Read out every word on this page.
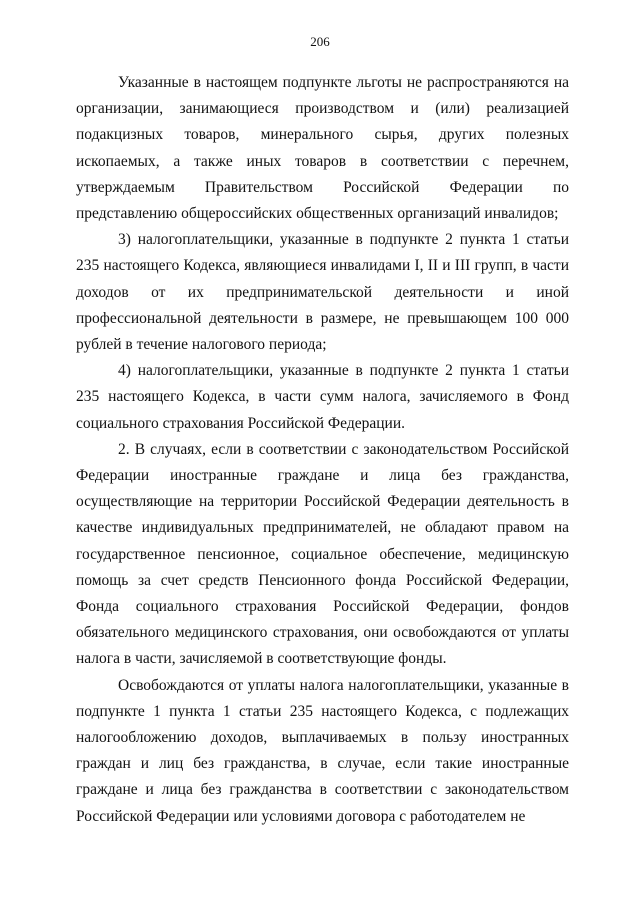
206

Указанные в настоящем подпункте льготы не распространяются на организации, занимающиеся производством и (или) реализацией подакцизных товаров, минерального сырья, других полезных ископаемых, а также иных товаров в соответствии с перечнем, утверждаемым Правительством Российской Федерации по представлению общероссийских общественных организаций инвалидов;

3) налогоплательщики, указанные в подпункте 2 пункта 1 статьи 235 настоящего Кодекса, являющиеся инвалидами I, II и III групп, в части доходов от их предпринимательской деятельности и иной профессиональной деятельности в размере, не превышающем 100 000 рублей в течение налогового периода;

4) налогоплательщики, указанные в подпункте 2 пункта 1 статьи 235 настоящего Кодекса, в части сумм налога, зачисляемого в Фонд социального страхования Российской Федерации.

2. В случаях, если в соответствии с законодательством Российской Федерации иностранные граждане и лица без гражданства, осуществляющие на территории Российской Федерации деятельность в качестве индивидуальных предпринимателей, не обладают правом на государственное пенсионное, социальное обеспечение, медицинскую помощь за счет средств Пенсионного фонда Российской Федерации, Фонда социального страхования Российской Федерации, фондов обязательного медицинского страхования, они освобождаются от уплаты налога в части, зачисляемой в соответствующие фонды.

Освобождаются от уплаты налога налогоплательщики, указанные в подпункте 1 пункта 1 статьи 235 настоящего Кодекса, с подлежащих налогообложению доходов, выплачиваемых в пользу иностранных граждан и лиц без гражданства, в случае, если такие иностранные граждане и лица без гражданства в соответствии с законодательством Российской Федерации или условиями договора с работодателем не
